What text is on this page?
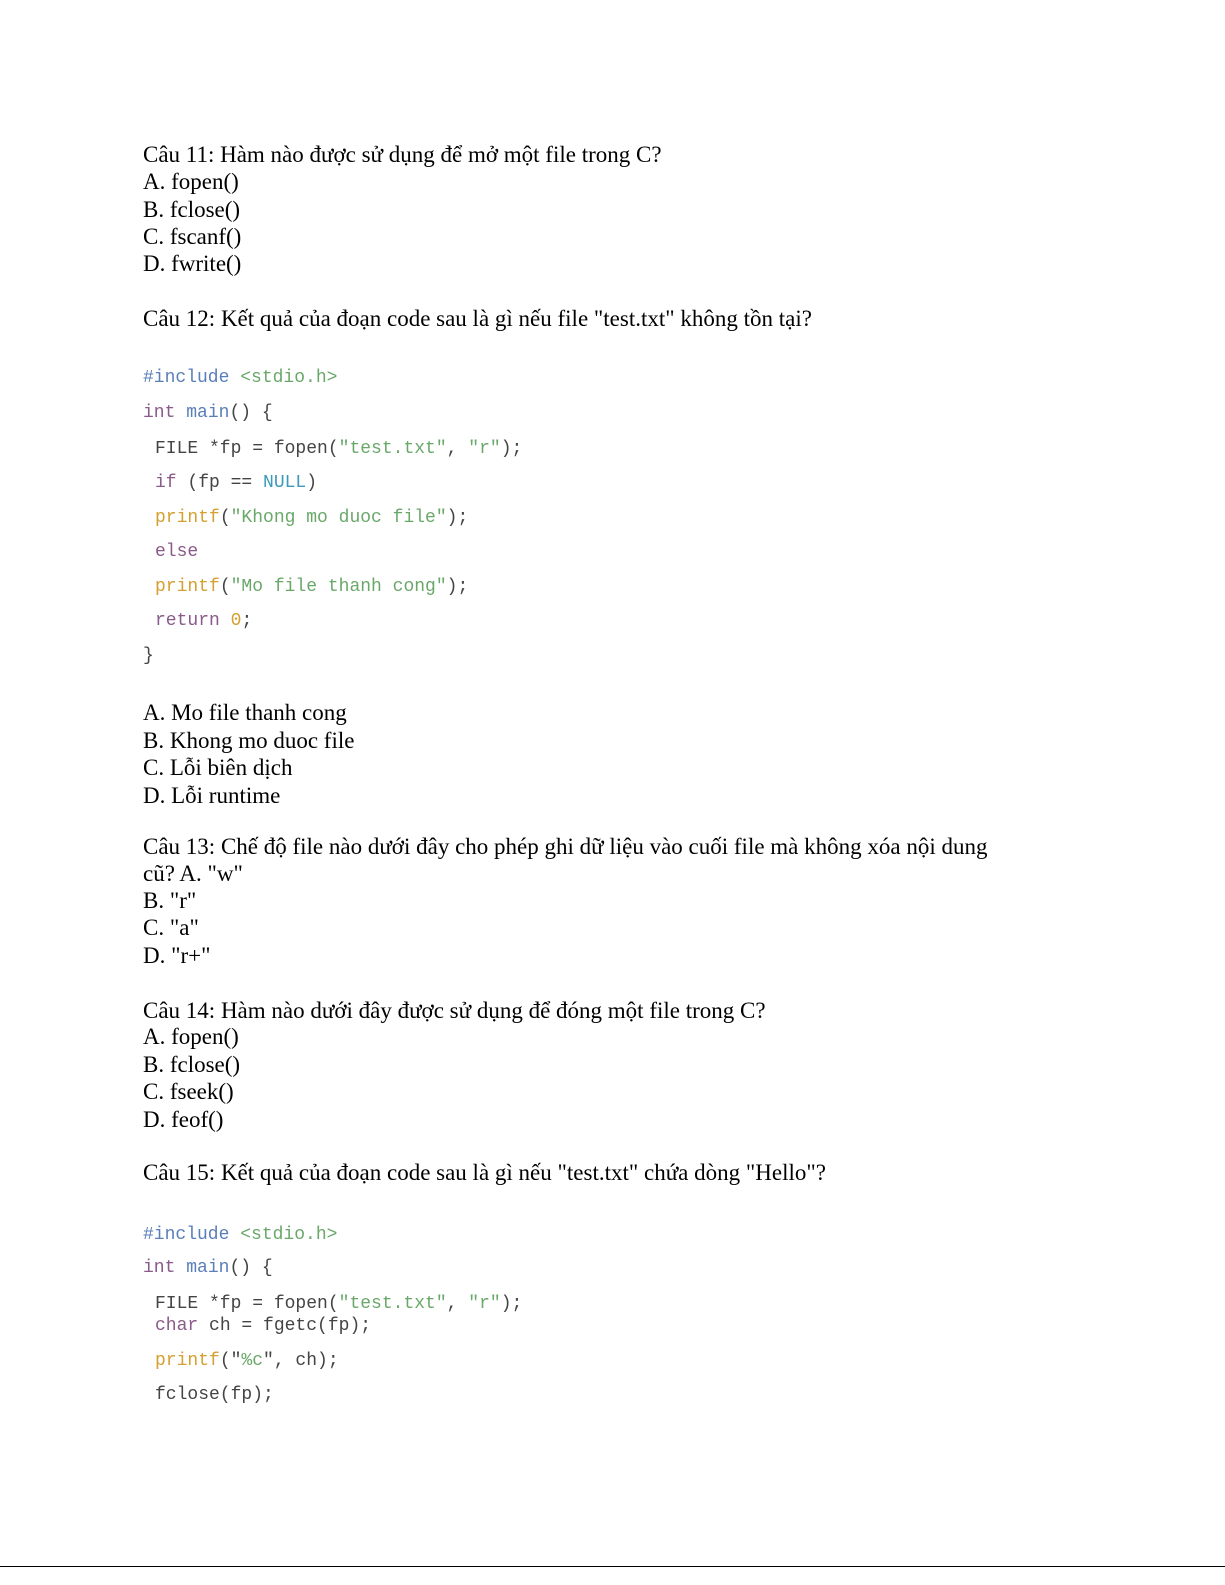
Câu 11: Hàm nào được sử dụng để mở một file trong C?
A. fopen()
B. fclose()
C. fscanf()
D. fwrite()
Câu 12: Kết quả của đoạn code sau là gì nếu file "test.txt" không tồn tại?
#include <stdio.h>
int main() {
FILE *fp = fopen("test.txt", "r");
if (fp == NULL)
printf("Khong mo duoc file");
else
printf("Mo file thanh cong");
return 0;
}
A. Mo file thanh cong
B. Khong mo duoc file
C. Lỗi biên dịch
D. Lỗi runtime
Câu 13: Chế độ file nào dưới đây cho phép ghi dữ liệu vào cuối file mà không xóa nội dung
cũ? A. "w"
B. "r"
C. "a"
D. "r+"
Câu 14: Hàm nào dưới đây được sử dụng để đóng một file trong C?
A. fopen()
B. fclose()
C. fseek()
D. feof()
Câu 15: Kết quả của đoạn code sau là gì nếu "test.txt" chứa dòng "Hello"?
#include <stdio.h>
int main() {
FILE *fp = fopen("test.txt", "r");
char ch = fgetc(fp);
printf("%c", ch);
fclose(fp);
